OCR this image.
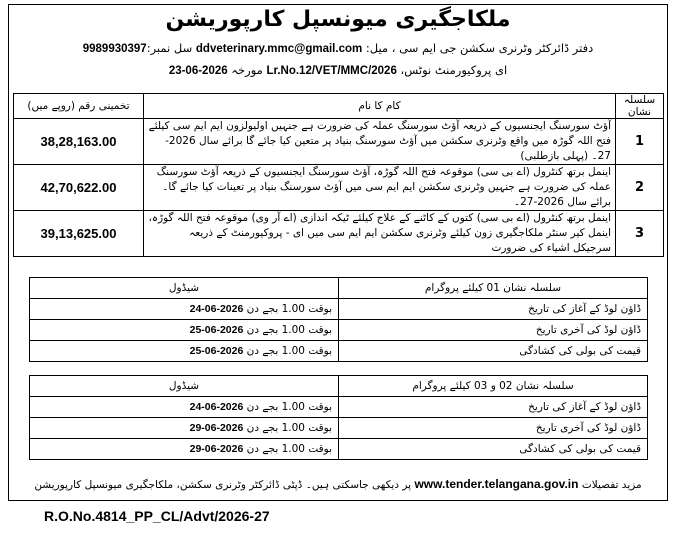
ملکاجگیری میونسپل کارپوریشن
دفتر ڈائرکٹر وٹرنری سکشن جی ایم سی ، میل: ddveterinary.mmc@gmail.com سل نمبر:9989930397
ای پروکیورمنٹ نوٹس، Lr.No.12/VET/MMC/2026 مورخہ 23-06-2026
سلسلہ نشان	کام کا نام	تخمینی رقم (روپے میں)
1	آؤٹ سورسنگ ایجنسیوں کے ذریعہ آؤٹ سورسنگ عملہ کی ضرورت ہے جنہیں اولیولزون ایم ایم سی کیلئے فتح اللہ گوڑہ میں واقع وٹرنری سکشن میں آؤٹ سورسنگ بنیاد پر متعین کیا جائے گا برائے سال 2026-27۔ (پہلی بازطلبی)	38,28,163.00
2	اینمل برتھ کنٹرول (اے بی سی) موقوعہ فتح اللہ گوڑہ، آؤٹ سورسنگ ایجنسیوں کے ذریعہ آؤٹ سورسنگ عملہ کی ضرورت ہے جنہیں وٹرنری سکشن ایم ایم سی میں آؤٹ سورسنگ بنیاد پر تعینات کیا جائے گا۔ برائے سال 2026-27۔	42,70,622.00
3	اینمل برتھ کنٹرول (اے بی سی) کتوں کے کاٹنے کے علاج کیلئے ٹیکہ اندازی (اے آر وی) موقوعہ فتح اللہ گوڑہ، اینمل کیر سنٹر ملکاجگیری زون کیلئے وٹرنری سکشن ایم ایم سی میں ای - پروکیورمنٹ کے ذریعہ سرجیکل اشیاء کی ضرورت	39,13,625.00
سلسلہ نشان 01 کیلئے پروگرام	شیڈول
ڈاؤن لوڈ کے آغاز کی تاریخ	بوقت 1.00 بجے دن 24-06-2026
ڈاؤن لوڈ کی آخری تاریخ	بوقت 1.00 بجے دن 25-06-2026
قیمت کی بولی کی کشادگی	بوقت 1.00 بجے دن 25-06-2026
سلسلہ نشان 02 و 03 کیلئے پروگرام	شیڈول
ڈاؤن لوڈ کے آغاز کی تاریخ	بوقت 1.00 بجے دن 24-06-2026
ڈاؤن لوڈ کی آخری تاریخ	بوقت 1.00 بجے دن 29-06-2026
قیمت کی بولی کی کشادگی	بوقت 1.00 بجے دن 29-06-2026
مزید تفصیلات www.tender.telangana.gov.in پر دیکھی جاسکتی ہیں۔ ڈپٹی ڈائرکٹر وٹرنری سکشن، ملکاجگیری میونسپل کارپوریشن
R.O.No.4814_PP_CL/Advt/2026-27
